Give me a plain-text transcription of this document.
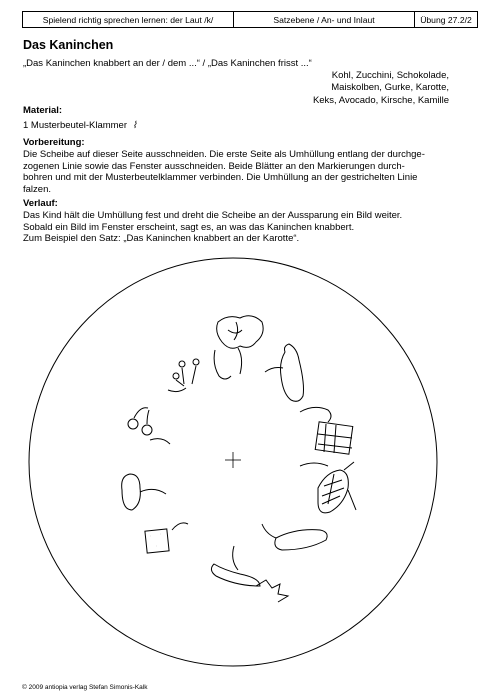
Spielend richtig sprechen lernen: der Laut /k/	Satzebene / An- und Inlaut	Übung 27.2/2
Das Kaninchen
„Das Kaninchen knabbert an der / dem ...“ / „Das Kaninchen frisst ...“
Kohl, Zucchini, Schokolade,
Maiskolben, Gurke, Karotte,
Keks, Avocado, Kirsche, Kamille
Material:
1 Musterbeutel-Klammer  ⌇
Vorbereitung:
Die Scheibe auf dieser Seite ausschneiden. Die erste Seite als Umhüllung entlang der durchge-
zogenen Linie sowie das Fenster ausschneiden. Beide Blätter an den Markierungen durch-
bohren und mit der Musterbeutelklammer verbinden. Die Umhüllung an der gestrichelten Linie
falzen.
Verlauf:
Das Kind hält die Umhüllung fest und dreht die Scheibe an der Aussparung ein Bild weiter.
Sobald ein Bild im Fenster erscheint, sagt es, an was das Kaninchen knabbert.
Zum Beispiel den Satz: „Das Kaninchen knabbert an der Karotte“.
© 2009 antiopia verlag Stefan Simonis-Kalk
